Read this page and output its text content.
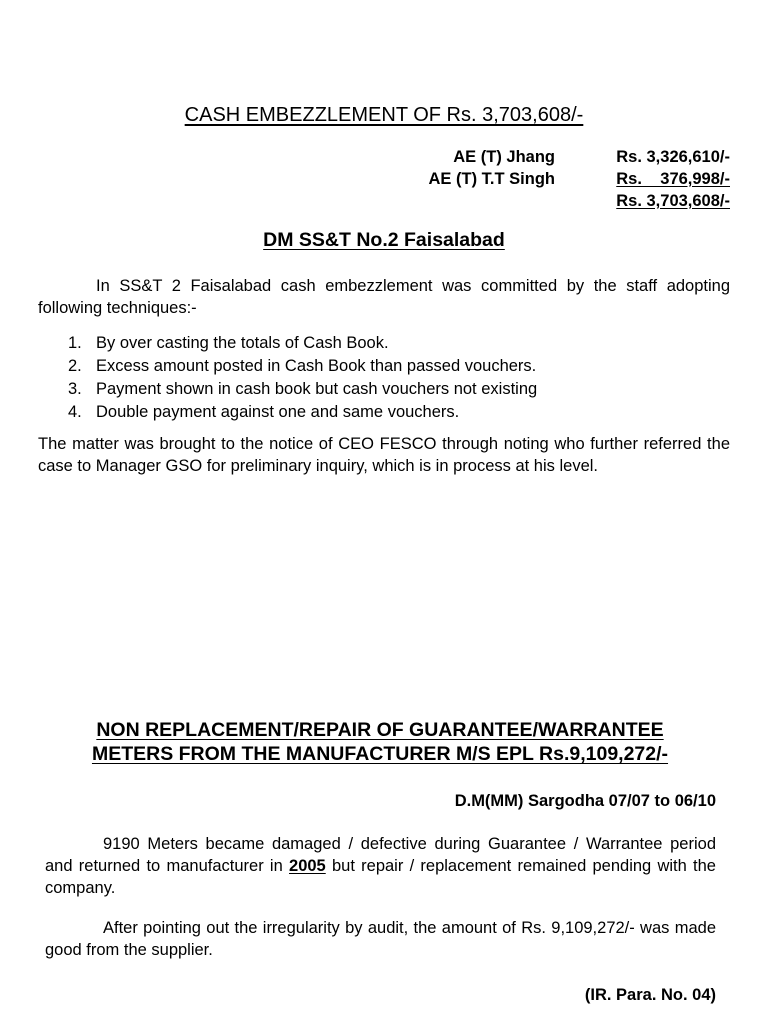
CASH EMBEZZLEMENT OF Rs. 3,703,608/-
AE (T) Jhang	Rs. 3,326,610/-
AE (T) T.T Singh	Rs.    376,998/-
Rs. 3,703,608/-
DM SS&T No.2 Faisalabad
In SS&T 2 Faisalabad cash embezzlement was committed by the staff adopting following techniques:-
1. By over casting the totals of Cash Book.
2. Excess amount posted in Cash Book than passed vouchers.
3. Payment shown in cash book but cash vouchers not existing
4. Double payment against one and same vouchers.
The matter was brought to the notice of CEO FESCO through noting who further referred the case to Manager GSO for preliminary inquiry, which is in process at his level.
NON REPLACEMENT/REPAIR OF GUARANTEE/WARRANTEE
METERS FROM THE MANUFACTURER M/S EPL Rs.9,109,272/-
D.M(MM) Sargodha 07/07 to 06/10
9190 Meters became damaged / defective during Guarantee / Warrantee period and returned to manufacturer in 2005 but repair / replacement remained pending with the company.
After pointing out the irregularity by audit, the amount of Rs. 9,109,272/- was made good from the supplier.
(IR. Para. No. 04)
